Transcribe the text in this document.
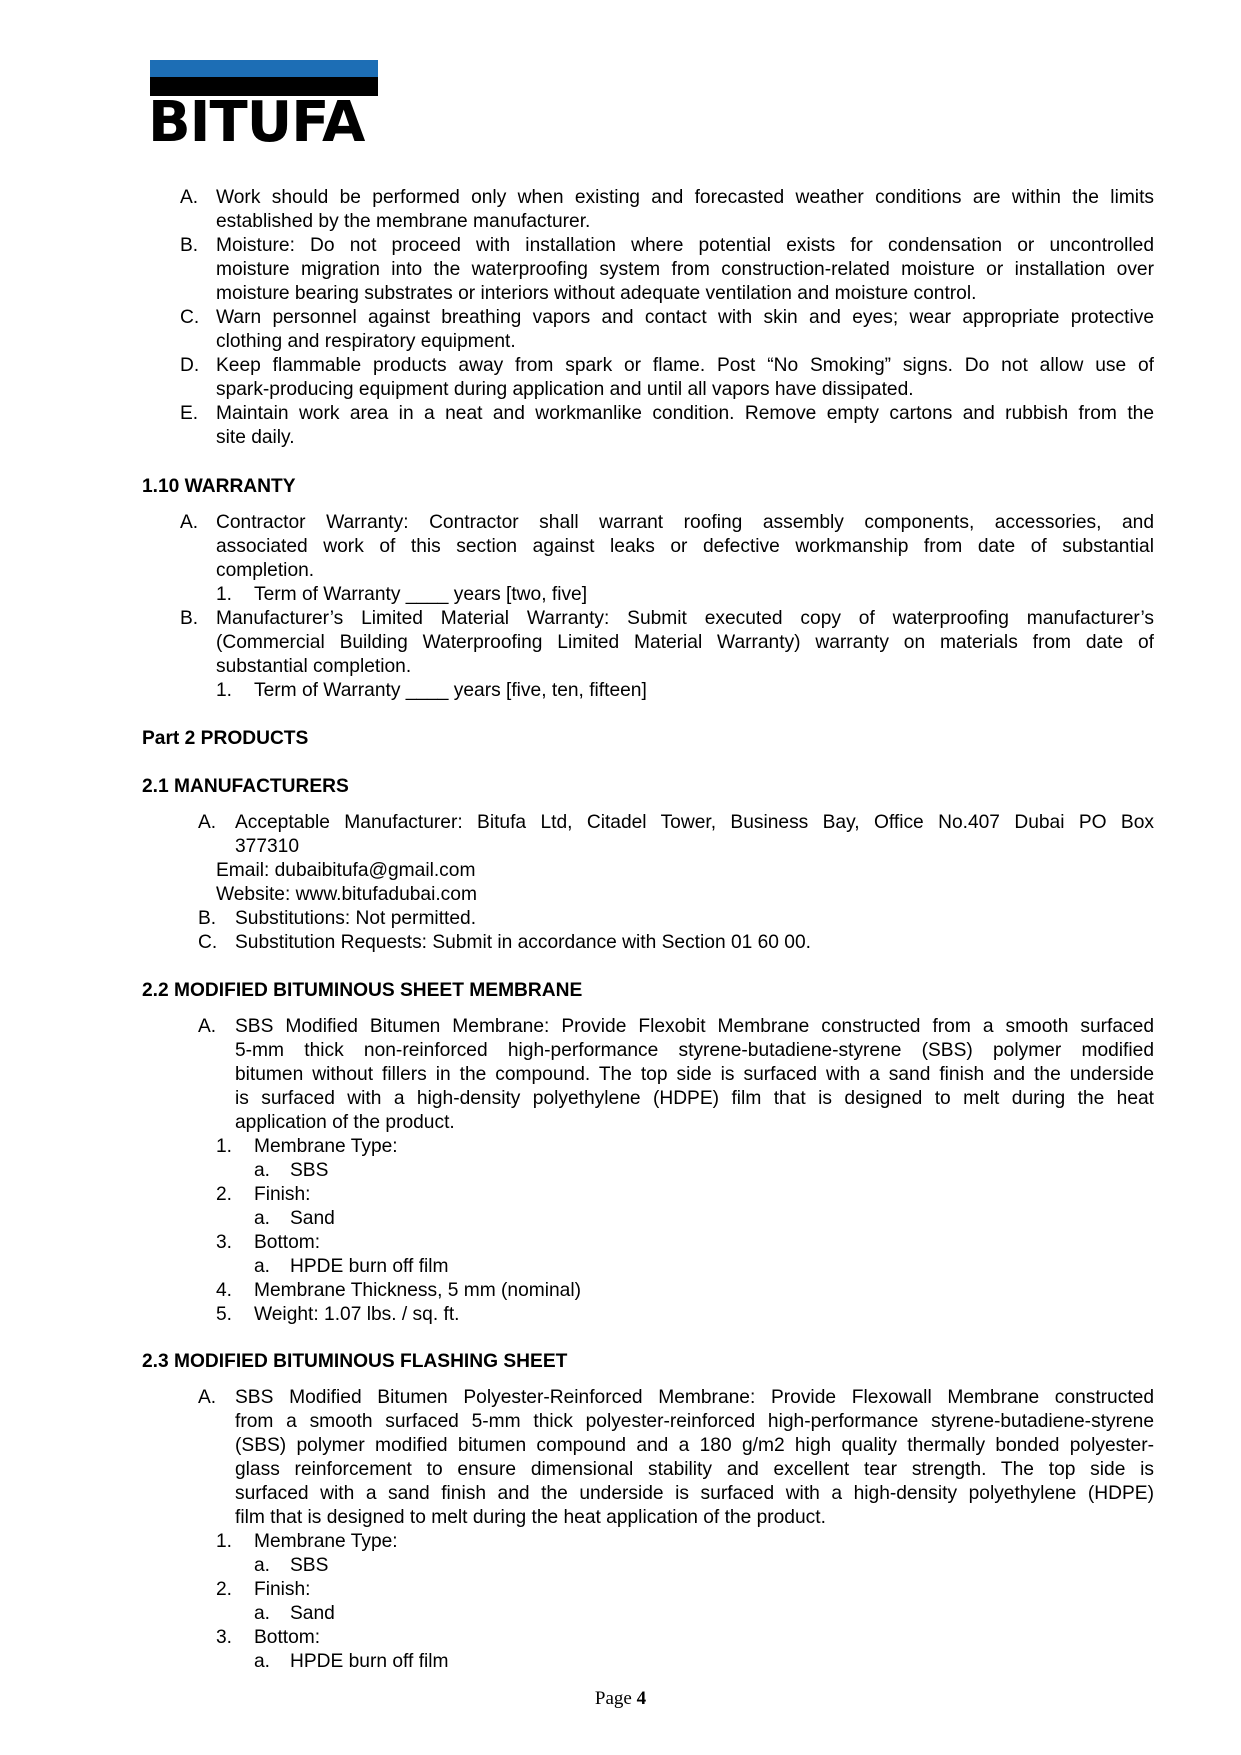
BITUFA
A. Work should be performed only when existing and forecasted weather conditions are within the limits
established by the membrane manufacturer.
B. Moisture: Do not proceed with installation where potential exists for condensation or uncontrolled
moisture migration into the waterproofing system from construction-related moisture or installation over
moisture bearing substrates or interiors without adequate ventilation and moisture control.
C. Warn personnel against breathing vapors and contact with skin and eyes; wear appropriate protective
clothing and respiratory equipment.
D. Keep flammable products away from spark or flame. Post “No Smoking” signs. Do not allow use of
spark-producing equipment during application and until all vapors have dissipated.
E. Maintain work area in a neat and workmanlike condition. Remove empty cartons and rubbish from the
site daily.
1.10 WARRANTY
A. Contractor Warranty: Contractor shall warrant roofing assembly components, accessories, and
associated work of this section against leaks or defective workmanship from date of substantial
completion.
1. Term of Warranty ____ years [two, five]
B. Manufacturer’s Limited Material Warranty: Submit executed copy of waterproofing manufacturer’s
(Commercial Building Waterproofing Limited Material Warranty) warranty on materials from date of
substantial completion.
1. Term of Warranty ____ years [five, ten, fifteen]
Part 2 PRODUCTS
2.1 MANUFACTURERS
A. Acceptable Manufacturer: Bitufa Ltd, Citadel Tower, Business Bay, Office No.407 Dubai PO Box
377310
Email: dubaibitufa@gmail.com
Website: www.bitufadubai.com
B. Substitutions: Not permitted.
C. Substitution Requests: Submit in accordance with Section 01 60 00.
2.2 MODIFIED BITUMINOUS SHEET MEMBRANE
A. SBS Modified Bitumen Membrane: Provide Flexobit Membrane constructed from a smooth surfaced
5-mm thick non-reinforced high-performance styrene-butadiene-styrene (SBS) polymer modified
bitumen without fillers in the compound. The top side is surfaced with a sand finish and the underside
is surfaced with a high-density polyethylene (HDPE) film that is designed to melt during the heat
application of the product.
1. Membrane Type:
a. SBS
2. Finish:
a. Sand
3. Bottom:
a. HPDE burn off film
4. Membrane Thickness, 5 mm (nominal)
5. Weight: 1.07 lbs. / sq. ft.
2.3 MODIFIED BITUMINOUS FLASHING SHEET
A. SBS Modified Bitumen Polyester-Reinforced Membrane: Provide Flexowall Membrane constructed
from a smooth surfaced 5-mm thick polyester-reinforced high-performance styrene-butadiene-styrene
(SBS) polymer modified bitumen compound and a 180 g/m2 high quality thermally bonded polyester-
glass reinforcement to ensure dimensional stability and excellent tear strength. The top side is
surfaced with a sand finish and the underside is surfaced with a high-density polyethylene (HDPE)
film that is designed to melt during the heat application of the product.
1. Membrane Type:
a. SBS
2. Finish:
a. Sand
3. Bottom:
a. HPDE burn off film
Page 4
